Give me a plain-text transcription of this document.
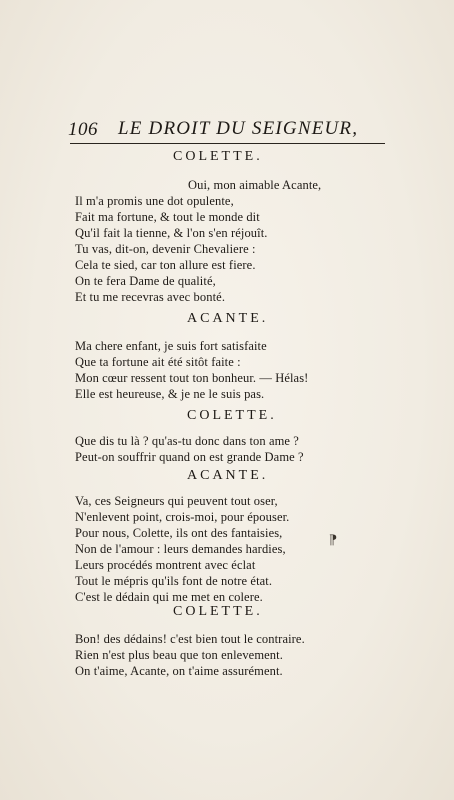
106 LE DROIT DU SEIGNEUR,
COLETTE.
Oui, mon aimable Acante,
Il m'a promis une dot opulente,
Fait ma fortune, & tout le monde dit
Qu'il fait la tienne, & l'on s'en réjouît.
Tu vas, dit-on, devenir Chevaliere :
Cela te sied, car ton allure est fiere.
On te fera Dame de qualité,
Et tu me recevras avec bonté.
ACANTE.
Ma chere enfant, je suis fort satisfaite
Que ta fortune ait été sitôt faite :
Mon cœur ressent tout ton bonheur. — Hélas!
Elle est heureuse, & je ne le suis pas.
COLETTE.
Que dis tu là ? qu'as-tu donc dans ton ame ?
Peut-on souffrir quand on est grande Dame ?
ACANTE.
Va, ces Seigneurs qui peuvent tout oser,
N'enlevent point, crois-moi, pour épouser.
Pour nous, Colette, ils ont des fantaisies,
Non de l'amour : leurs demandes hardies,
Leurs procédés montrent avec éclat
Tout le mépris qu'ils font de notre état.
C'est le dédain qui me met en colere.
COLETTE.
Bon! des dédains! c'est bien tout le contraire.
Rien n'est plus beau que ton enlevement.
On t'aime, Acante, on t'aime assurément.
⁋
